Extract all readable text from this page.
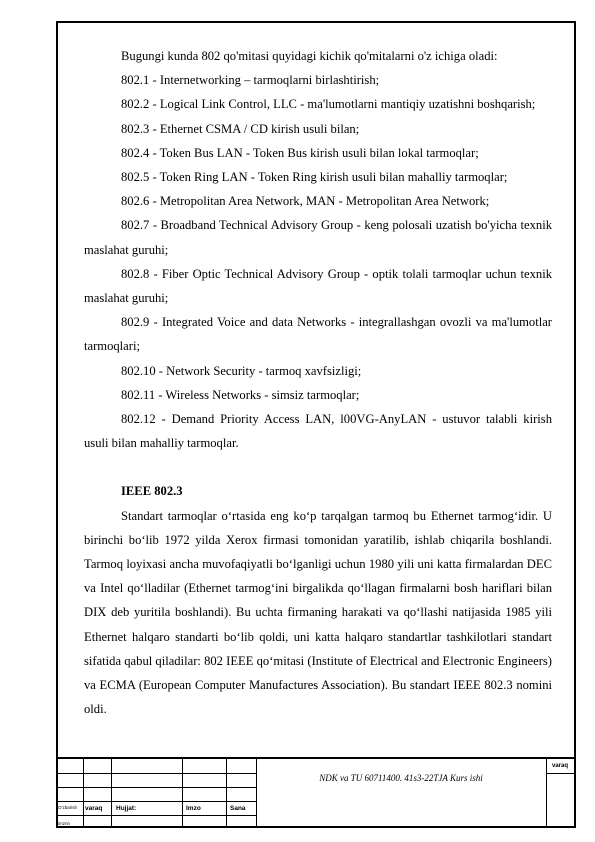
Bugungi kunda 802 qo'mitasi quyidagi kichik qo'mitalarni o'z ichiga oladi:

802.1 - Internetworking – tarmoqlarni birlashtirish;

802.2 - Logical Link Control, LLC - ma'lumotlarni mantiqiy uzatishni boshqarish;

802.3 - Ethernet CSMA / CD kirish usuli bilan;

802.4 - Token Bus LAN - Token Bus kirish usuli bilan lokal tarmoqlar;

802.5 - Token Ring LAN - Token Ring kirish usuli bilan mahalliy tarmoqlar;

802.6 - Metropolitan Area Network, MAN - Metropolitan Area Network;

802.7 - Broadband Technical Advisory Group - keng polosali uzatish bo'yicha texnik maslahat guruhi;

802.8 - Fiber Optic Technical Advisory Group - optik tolali tarmoqlar uchun texnik maslahat guruhi;

802.9 - Integrated Voice and data Networks - integrallashgan ovozli va ma'lumotlar tarmoqlari;

802.10 - Network Security - tarmoq xavfsizligi;

802.11 - Wireless Networks - simsiz tarmoqlar;

802.12 - Demand Priority Access LAN, l00VG-AnyLAN - ustuvor talabli kirish usuli bilan mahalliy tarmoqlar.

IEEE 802.3

Standart tarmoqlar o‘rtasida eng ko‘p tarqalgan tarmoq bu Ethernet tarmog‘idir. U birinchi bo‘lib 1972 yilda Xerox firmasi tomonidan yaratilib, ishlab chiqarila boshlandi. Tarmoq loyixasi ancha muvofaqiyatli bo‘lganligi uchun 1980 yili uni katta firmalardan DEC va Intel qo‘lladilar (Ethernet tarmog‘ini birgalikda qo‘llagan firmalarni bosh hariflari bilan DIX deb yuritila boshlandi). Bu uchta firmaning harakati va qo‘llashi natijasida 1985 yili Ethernet halqaro standarti bo‘lib qoldi, uni katta halqaro standartlar tashkilotlari standart sifatida qabul qiladilar: 802 IEEE qo‘mitasi (Institute of Electrical and Electronic Engineers) va ECMA (European Computer Manufactures Association). Bu standart IEEE 802.3 nomini oldi.

NDK va TU 60711400. 41s3-22TJA Kurs ishi
varaq
O‘zbarish varaq Hujjat:	Imzo	Sana
imznn
